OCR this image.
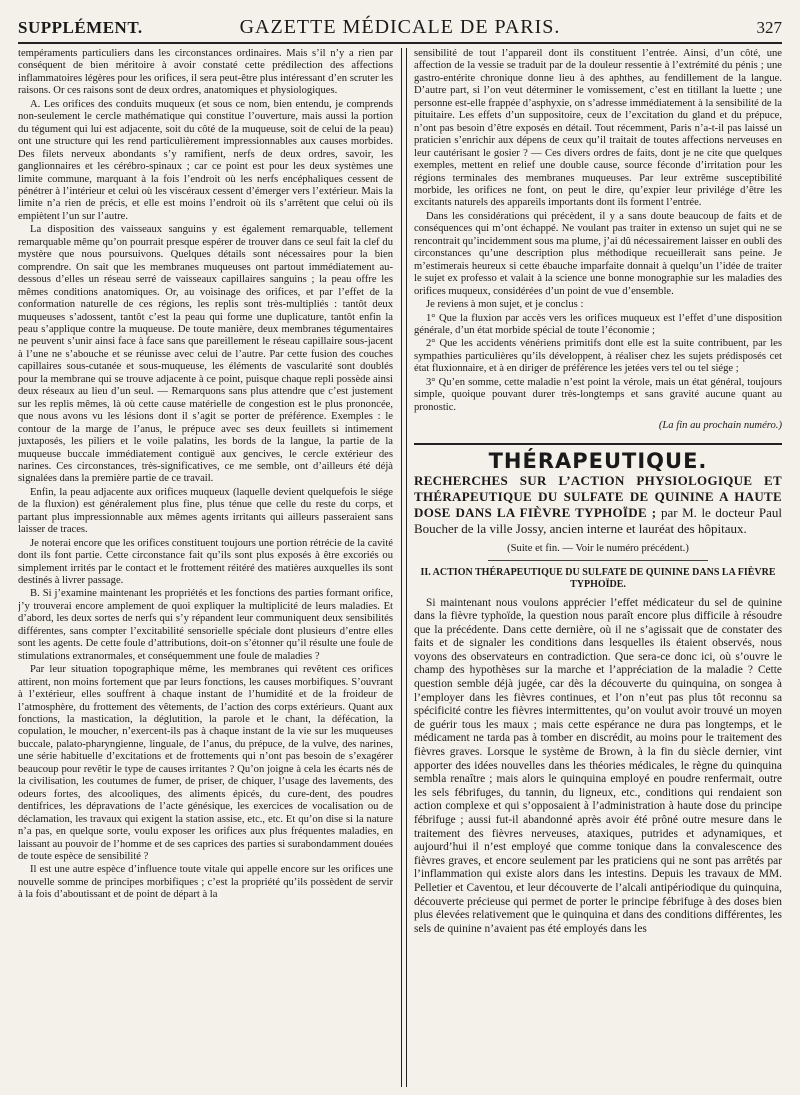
SUPPLÉMENT.	GAZETTE MÉDICALE DE PARIS.	327

tempéraments particuliers dans les circonstances ordinaires. Mais s’il n’y a rien par conséquent de bien méritoire à avoir constaté cette prédilection des affections inflammatoires légères pour les orifices, il sera peut-être plus intéressant d’en scruter les raisons. Or ces raisons sont de deux ordres, anatomiques et physiologiques.

A. Les orifices des conduits muqueux (et sous ce nom, bien entendu, je comprends non-seulement le cercle mathématique qui constitue l’ouverture, mais aussi la portion du tégument qui lui est adjacente, soit du côté de la muqueuse, soit de celui de la peau) ont une structure qui les rend particulièrement impressionnables aux causes morbides. Des filets nerveux abondants s’y ramifient, nerfs de deux ordres, savoir, les ganglionnaires et les cérébro-spinaux ; car ce point est pour les deux systèmes une limite commune, marquant à la fois l’endroit où les nerfs encéphaliques cessent de pénétrer à l’intérieur et celui où les viscéraux cessent d’émerger vers l’extérieur. Mais la limite n’a rien de précis, et elle est moins l’endroit où ils s’arrêtent que celui où ils empiètent l’un sur l’autre.

La disposition des vaisseaux sanguins y est également remarquable, tellement remarquable même qu’on pourrait presque espérer de trouver dans ce seul fait la clef du mystère que nous poursuivons. Quelques détails sont nécessaires pour la bien comprendre. On sait que les membranes muqueuses ont partout immédiatement au-dessous d’elles un réseau serré de vaisseaux capillaires sanguins ; la peau offre les mêmes conditions anatomiques. Or, au voisinage des orifices, et par l’effet de la conformation naturelle de ces régions, les replis sont très-multipliés : tantôt deux muqueuses s’adossent, tantôt c’est la peau qui forme une duplicature, tantôt enfin la peau s’applique contre la muqueuse. De toute manière, deux membranes tégumentaires ne peuvent s’unir ainsi face à face sans que pareillement le réseau capillaire sous-jacent à l’une ne s’abouche et se réunisse avec celui de l’autre. Par cette fusion des couches capillaires sous-cutanée et sous-muqueuse, les éléments de vascularité sont doublés pour la membrane qui se trouve adjacente à ce point, puisque chaque repli possède ainsi deux réseaux au lieu d’un seul. — Remarquons sans plus attendre que c’est justement sur les replis mêmes, là où cette cause matérielle de congestion est le plus prononcée, que nous avons vu les lésions dont il s’agit se porter de préférence. Exemples : le contour de la marge de l’anus, le prépuce avec ses deux feuillets si intimement juxtaposés, les piliers et le voile palatins, les bords de la langue, la partie de la muqueuse buccale immédiatement contiguë aux gencives, le cercle extérieur des narines. Ces circonstances, très-significatives, ce me semble, ont d’ailleurs été déjà signalées dans la première partie de ce travail.

Enfin, la peau adjacente aux orifices muqueux (laquelle devient quelquefois le siége de la fluxion) est généralement plus fine, plus ténue que celle du reste du corps, et partant plus impressionnable aux mêmes agents irritants qui ailleurs passeraient sans laisser de traces.

Je noterai encore que les orifices constituent toujours une portion rétrécie de la cavité dont ils font partie. Cette circonstance fait qu’ils sont plus exposés à être excoriés ou simplement irrités par le contact et le frottement réitéré des matières auxquelles ils sont destinés à livrer passage.

B. Si j’examine maintenant les propriétés et les fonctions des parties formant orifice, j’y trouverai encore amplement de quoi expliquer la multiplicité de leurs maladies. Et d’abord, les deux sortes de nerfs qui s’y répandent leur communiquent deux sensibilités différentes, sans compter l’excitabilité sensorielle spéciale dont plusieurs d’entre elles sont les agents. De cette foule d’attributions, doit-on s’étonner qu’il résulte une foule de stimulations extranormales, et conséquemment une foule de maladies ?

Par leur situation topographique même, les membranes qui revêtent ces orifices attirent, non moins fortement que par leurs fonctions, les causes morbifiques. S’ouvrant à l’extérieur, elles souffrent à chaque instant de l’humidité et de la froideur de l’atmosphère, du frottement des vêtements, de l’action des corps extérieurs. Quant aux fonctions, la mastication, la déglutition, la parole et le chant, la défécation, la copulation, le moucher, n’exercent-ils pas à chaque instant de la vie sur les muqueuses buccale, palato-pharyngienne, linguale, de l’anus, du prépuce, de la vulve, des narines, une série habituelle d’excitations et de frottements qui n’ont pas besoin de s’exagérer beaucoup pour revêtir le type de causes irritantes ? Qu’on joigne à cela les écarts nés de la civilisation, les coutumes de fumer, de priser, de chiquer, l’usage des lavements, des odeurs fortes, des alcooliques, des aliments épicés, du cure-dent, des poudres dentifrices, les dépravations de l’acte génésique, les exercices de vocalisation ou de déclamation, les travaux qui exigent la station assise, etc., etc. Et qu’on dise si la nature n’a pas, en quelque sorte, voulu exposer les orifices aux plus fréquentes maladies, en laissant au pouvoir de l’homme et de ses caprices des parties si surabondamment douées de toute espèce de sensibilité ?

Il est une autre espèce d’influence toute vitale qui appelle encore sur les orifices une nouvelle somme de principes morbifiques ; c’est la propriété qu’ils possèdent de servir à la fois d’aboutissant et de point de départ à la

sensibilité de tout l’appareil dont ils constituent l’entrée. Ainsi, d’un côté, une affection de la vessie se traduit par de la douleur ressentie à l’extrémité du pénis ; une gastro-entérite chronique donne lieu à des aphthes, au fendillement de la langue. D’autre part, si l’on veut déterminer le vomissement, c’est en titillant la luette ; une personne est-elle frappée d’asphyxie, on s’adresse immédiatement à la sensibilité de la pituitaire. Les effets d’un suppositoire, ceux de l’excitation du gland et du prépuce, n’ont pas besoin d’être exposés en détail. Tout récemment, Paris n’a-t-il pas laissé un praticien s’enrichir aux dépens de ceux qu’il traitait de toutes affections nerveuses en leur cautérisant le gosier ? — Ces divers ordres de faits, dont je ne cite que quelques exemples, mettent en relief une double cause, source féconde d’irritation pour les régions terminales des membranes muqueuses. Par leur extrême susceptibilité morbide, les orifices ne font, on peut le dire, qu’expier leur privilége d’être les excitants naturels des appareils importants dont ils forment l’entrée.

Dans les considérations qui précèdent, il y a sans doute beaucoup de faits et de conséquences qui m’ont échappé. Ne voulant pas traiter in extenso un sujet qui ne se rencontrait qu’incidemment sous ma plume, j’ai dû nécessairement laisser en oubli des circonstances qu’une description plus méthodique recueillerait sans peine. Je m’estimerais heureux si cette ébauche imparfaite donnait à quelqu’un l’idée de traiter le sujet ex professo et valait à la science une bonne monographie sur les maladies des orifices muqueux, considérées d’un point de vue d’ensemble.

Je reviens à mon sujet, et je conclus :

1° Que la fluxion par accès vers les orifices muqueux est l’effet d’une disposition générale, d’un état morbide spécial de toute l’économie ;

2° Que les accidents vénériens primitifs dont elle est la suite contribuent, par les sympathies particulières qu’ils développent, à réaliser chez les sujets prédisposés cet état fluxionnaire, et à en diriger de préférence les jetées vers tel ou tel siége ;

3° Qu’en somme, cette maladie n’est point la vérole, mais un état général, toujours simple, quoique pouvant durer très-longtemps et sans gravité aucune quant au pronostic.

(La fin au prochain numéro.)

THÉRAPEUTIQUE.
RECHERCHES SUR L’ACTION PHYSIOLOGIQUE ET THÉRAPEUTIQUE DU SULFATE DE QUININE A HAUTE DOSE DANS LA FIÈVRE TYPHOÏDE ; par M. le docteur Paul Boucher de la ville Jossy, ancien interne et lauréat des hôpitaux.
(Suite et fin. — Voir le numéro précédent.)
II. ACTION THÉRAPEUTIQUE DU SULFATE DE QUININE DANS LA FIÈVRE TYPHOÏDE.

Si maintenant nous voulons apprécier l’effet médicateur du sel de quinine dans la fièvre typhoïde, la question nous paraît encore plus difficile à résoudre que la précédente. Dans cette dernière, où il ne s’agissait que de constater des faits et de signaler les conditions dans lesquelles ils étaient observés, nous voyons des observateurs en contradiction. Que sera-ce donc ici, où s’ouvre le champ des hypothèses sur la marche et l’appréciation de la maladie ? Cette question semble déjà jugée, car dès la découverte du quinquina, on songea à l’employer dans les fièvres continues, et l’on n’eut pas plus tôt reconnu sa spécificité contre les fièvres intermittentes, qu’on voulut avoir trouvé un moyen de guérir tous les maux ; mais cette espérance ne dura pas longtemps, et le médicament ne tarda pas à tomber en discrédit, au moins pour le traitement des fièvres graves. Lorsque le système de Brown, à la fin du siècle dernier, vint apporter des idées nouvelles dans les théories médicales, le règne du quinquina sembla renaître ; mais alors le quinquina employé en poudre renfermait, outre les sels fébrifuges, du tannin, du ligneux, etc., conditions qui rendaient son action complexe et qui s’opposaient à l’administration à haute dose du principe fébrifuge ; aussi fut-il abandonné après avoir été prôné outre mesure dans le traitement des fièvres nerveuses, ataxiques, putrides et adynamiques, et aujourd’hui il n’est employé que comme tonique dans la convalescence des fièvres graves, et encore seulement par les praticiens qui ne sont pas arrêtés par l’inflammation qui existe alors dans les intestins. Depuis les travaux de MM. Pelletier et Caventou, et leur découverte de l’alcali antipériodique du quinquina, découverte précieuse qui permet de porter le principe fébrifuge à des doses bien plus élevées relativement que le quinquina et dans des conditions différentes, les sels de quinine n’avaient pas été employés dans les
